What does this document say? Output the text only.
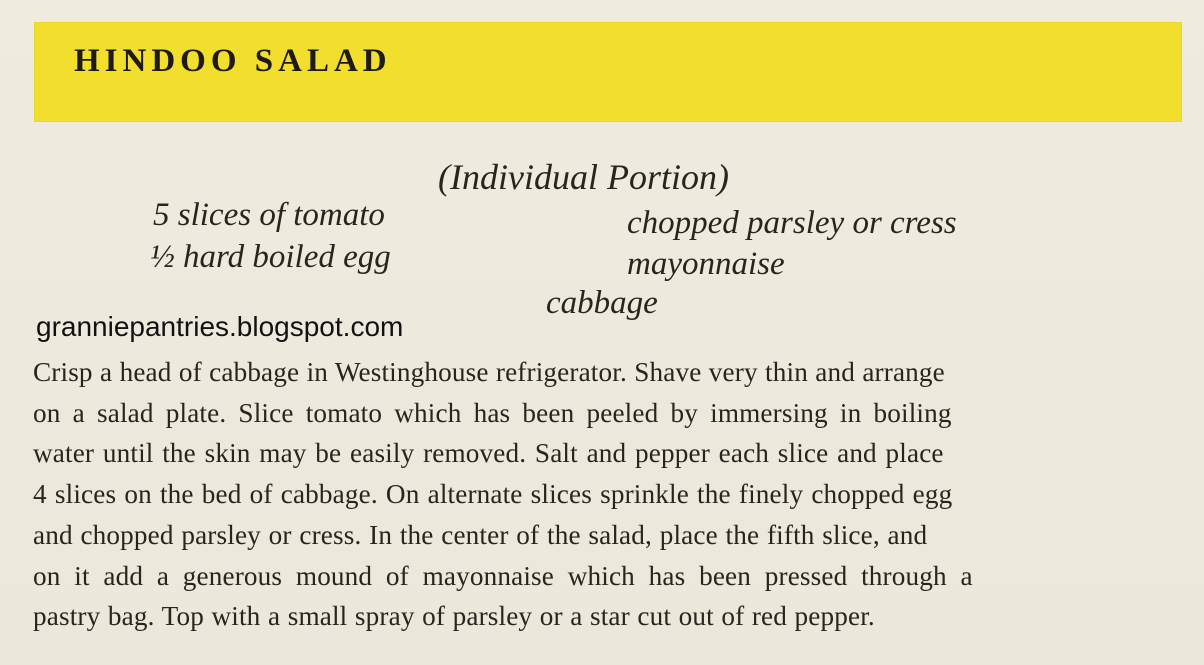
HINDOO SALAD

(Individual Portion)

5 slices of tomato
½ hard boiled egg
chopped parsley or cress
mayonnaise
cabbage

granniepantries.blogspot.com

Crisp a head of cabbage in Westinghouse refrigerator. Shave very thin and arrange
on a salad plate. Slice tomato which has been peeled by immersing in boiling
water until the skin may be easily removed. Salt and pepper each slice and place
4 slices on the bed of cabbage. On alternate slices sprinkle the finely chopped egg
and chopped parsley or cress. In the center of the salad, place the fifth slice, and
on it add a generous mound of mayonnaise which has been pressed through a
pastry bag. Top with a small spray of parsley or a star cut out of red pepper.
